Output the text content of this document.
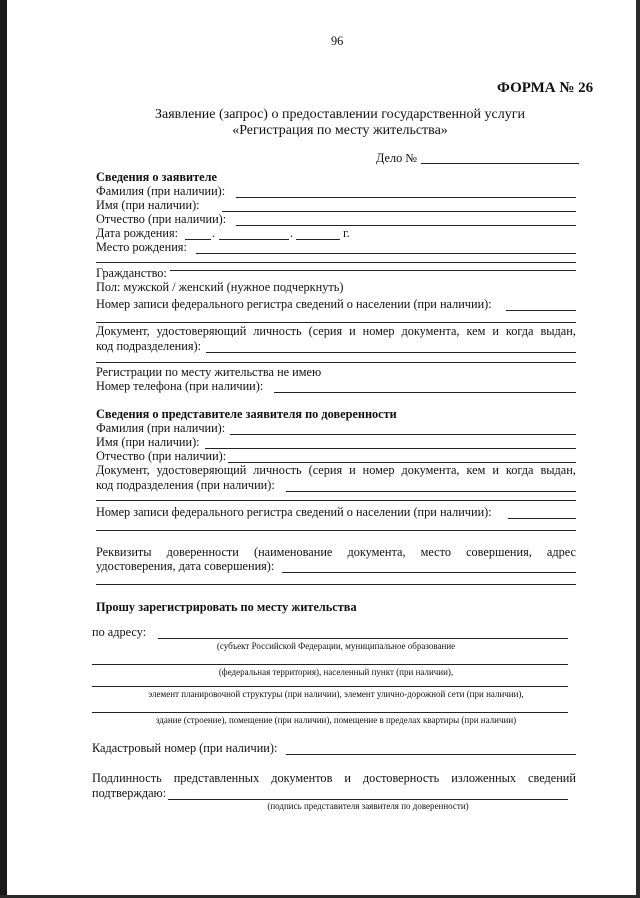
96
ФОРМА № 26
Заявление (запрос) о предоставлении государственной услуги
«Регистрация по месту жительства»
Дело №
Сведения о заявителе
Фамилия (при наличии):
Имя (при наличии):
Отчество (при наличии):
Дата рождения:	.	.	г.
Место рождения:
Гражданство:
Пол: мужской / женский (нужное подчеркнуть)
Номер записи федерального регистра сведений о населении (при наличии):
Документ, удостоверяющий личность (серия и номер документа, кем и когда выдан,
код подразделения):
Регистрации по месту жительства не имею
Номер телефона (при наличии):
Сведения о представителе заявителя по доверенности
Фамилия (при наличии):
Имя (при наличии):
Отчество (при наличии):
Документ, удостоверяющий личность (серия и номер документа, кем и когда выдан,
код подразделения (при наличии):
Номер записи федерального регистра сведений о населении (при наличии):
Реквизиты доверенности (наименование документа, место совершения, адрес
удостоверения, дата совершения):
Прошу зарегистрировать по месту жительства
по адресу:
(субъект Российской Федерации, муниципальное образование
(федеральная территория), населенный пункт (при наличии),
элемент планировочной структуры (при наличии), элемент улично-дорожной сети (при наличии),
здание (строение), помещение (при наличии), помещение в пределах квартиры (при наличии)
Кадастровый номер (при наличии):
Подлинность представленных документов и достоверность изложенных сведений
подтверждаю:
(подпись представителя заявителя по доверенности)
